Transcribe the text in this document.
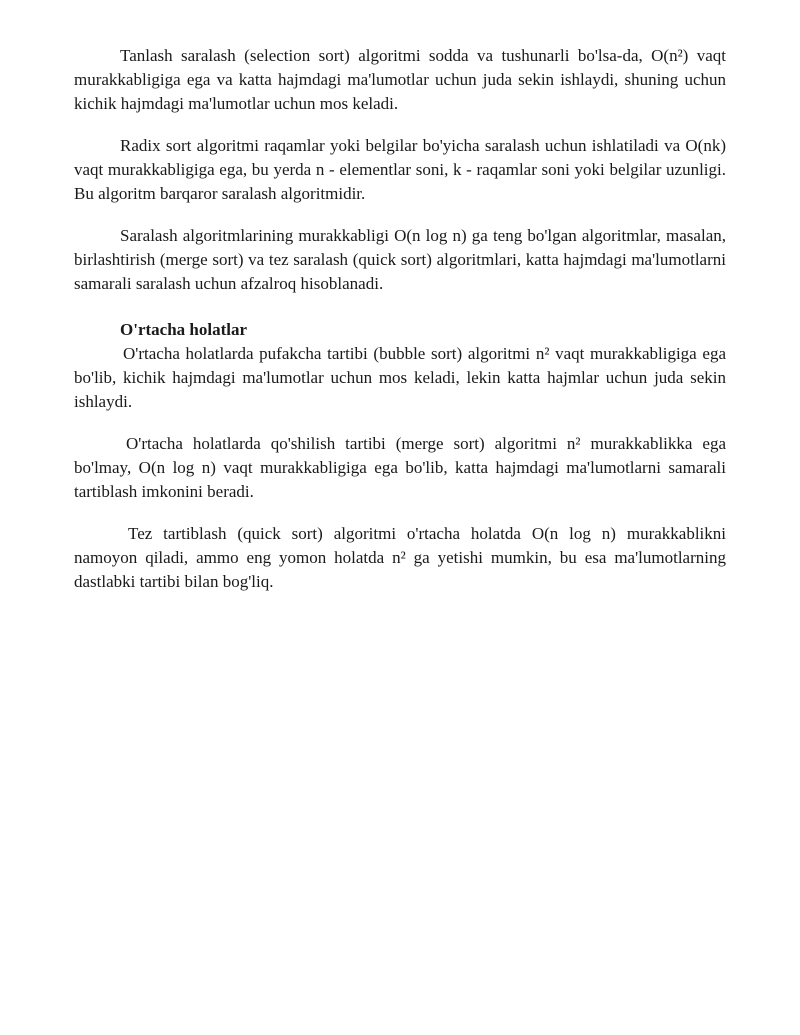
Tanlash saralash (selection sort) algoritmi sodda va tushunarli bo'lsa-da, O(n²) vaqt murakkabligiga ega va katta hajmdagi ma'lumotlar uchun juda sekin ishlaydi, shuning uchun kichik hajmdagi ma'lumotlar uchun mos keladi.

Radix sort algoritmi raqamlar yoki belgilar bo'yicha saralash uchun ishlatiladi va O(nk) vaqt murakkabligiga ega, bu yerda n - elementlar soni, k - raqamlar soni yoki belgilar uzunligi. Bu algoritm barqaror saralash algoritmidir.

Saralash algoritmlarining murakkabligi O(n log n) ga teng bo'lgan algoritmlar, masalan, birlashtirish (merge sort) va tez saralash (quick sort) algoritmlari, katta hajmdagi ma'lumotlarni samarali saralash uchun afzalroq hisoblanadi.

O'rtacha holatlar

O'rtacha holatlarda pufakcha tartibi (bubble sort) algoritmi n² vaqt murakkabligiga ega bo'lib, kichik hajmdagi ma'lumotlar uchun mos keladi, lekin katta hajmlar uchun juda sekin ishlaydi.

O'rtacha holatlarda qo'shilish tartibi (merge sort) algoritmi n² murakkablikka ega bo'lmay, O(n log n) vaqt murakkabligiga ega bo'lib, katta hajmdagi ma'lumotlarni samarali tartiblash imkonini beradi.

Tez tartiblash (quick sort) algoritmi o'rtacha holatda O(n log n) murakkablikni namoyon qiladi, ammo eng yomon holatda n² ga yetishi mumkin, bu esa ma'lumotlarning dastlabki tartibi bilan bog'liq.
